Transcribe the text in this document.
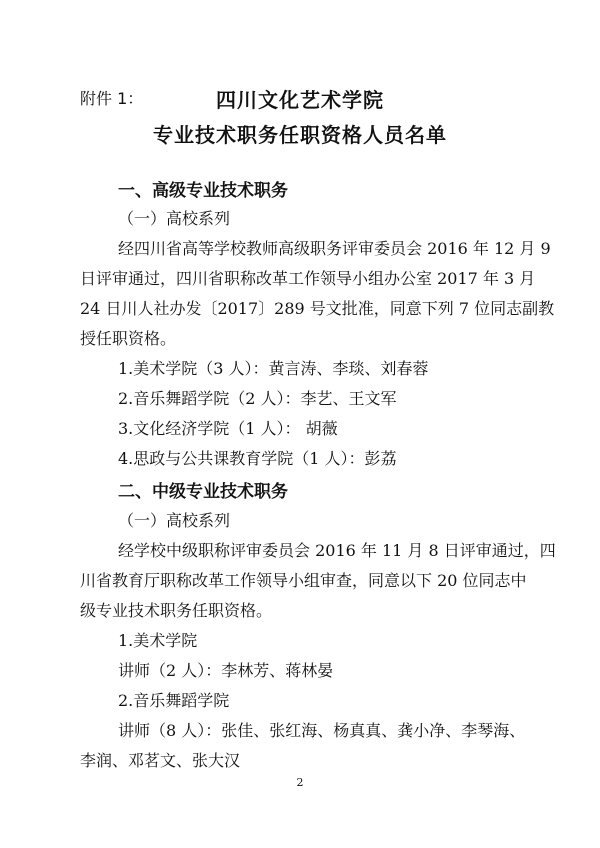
附件 1：	四川文化艺术学院
专业技术职务任职资格人员名单
一、高级专业技术职务
（一）高校系列
经四川省高等学校教师高级职务评审委员会 2016 年 12 月 9
日评审通过，四川省职称改革工作领导小组办公室 2017 年 3 月
24 日川人社办发〔2017〕289 号文批准，同意下列 7 位同志副教
授任职资格。
1.美术学院（3 人）：黄言涛、李琰、刘春蓉
2.音乐舞蹈学院（2 人）：李艺、王文军
3.文化经济学院（1 人）： 胡薇
4.思政与公共课教育学院（1 人）：彭荔
二、中级专业技术职务
（一）高校系列
经学校中级职称评审委员会 2016 年 11 月 8 日评审通过，四
川省教育厅职称改革工作领导小组审查，同意以下 20 位同志中
级专业技术职务任职资格。
1.美术学院
讲师（2 人）：李林芳、蒋林晏
2.音乐舞蹈学院
讲师（8 人）：张佳、张红海、杨真真、龚小净、李琴海、
李润、邓茗文、张大汉
2
